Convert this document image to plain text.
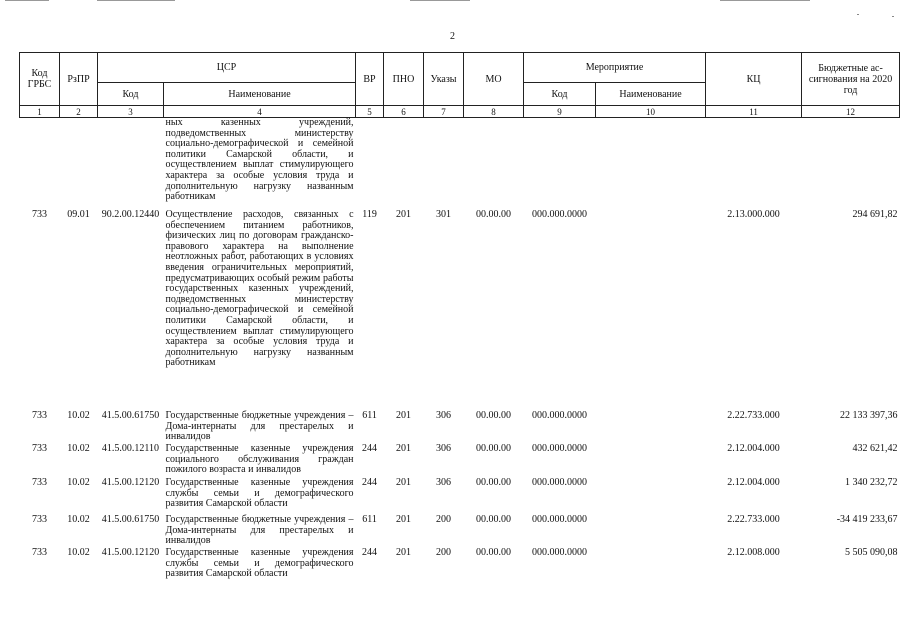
2
Код ГРБС	РзПР	ЦСР		ВР	ПНО	Указы	МО	Мероприятие		КЦ	Бюджетные ас-сигнования на 2020 год
		Код	Наименование					Код	Наименование		
1	2	3	4	5	6	7	8	9	10	11	12
			ных казенных учреждений, подведомственных министерству социально-демографической и семейной политики Самарской области, и осуществлением выплат стимулирующего характера за особые условия труда и дополнительную нагрузку названным работникам								
733	09.01	90.2.00.12440	Осуществление расходов, связанных с обеспечением питанием работников, физических лиц по договорам гражданско-правового характера на выполнение неотложных работ, работающих в условиях введения ограничительных мероприятий, предусматривающих особый режим работы государственных казенных учреждений, подведомственных министерству социально-демографической и семейной политики Самарской области, и осуществлением выплат стимулирующего характера за особые условия труда и дополнительную нагрузку названным работникам	119	201	301	00.00.00	000.000.0000		2.13.000.000	294 691,82
733	10.02	41.5.00.61750	Государственные бюджетные учреждения – Дома-интернаты для престарелых и инвалидов	611	201	306	00.00.00	000.000.0000		2.22.733.000	22 133 397,36
733	10.02	41.5.00.12110	Государственные казенные учреждения социального обслуживания граждан пожилого возраста и инвалидов	244	201	306	00.00.00	000.000.0000		2.12.004.000	432 621,42
733	10.02	41.5.00.12120	Государственные казенные учреждения службы семьи и демографического развития Самарской области	244	201	306	00.00.00	000.000.0000		2.12.004.000	1 340 232,72
733	10.02	41.5.00.61750	Государственные бюджетные учреждения – Дома-интернаты для престарелых и инвалидов	611	201	200	00.00.00	000.000.0000		2.22.733.000	-34 419 233,67
733	10.02	41.5.00.12120	Государственные казенные учреждения службы семьи и демографического развития Самарской области	244	201	200	00.00.00	000.000.0000		2.12.008.000	5 505 090,08
